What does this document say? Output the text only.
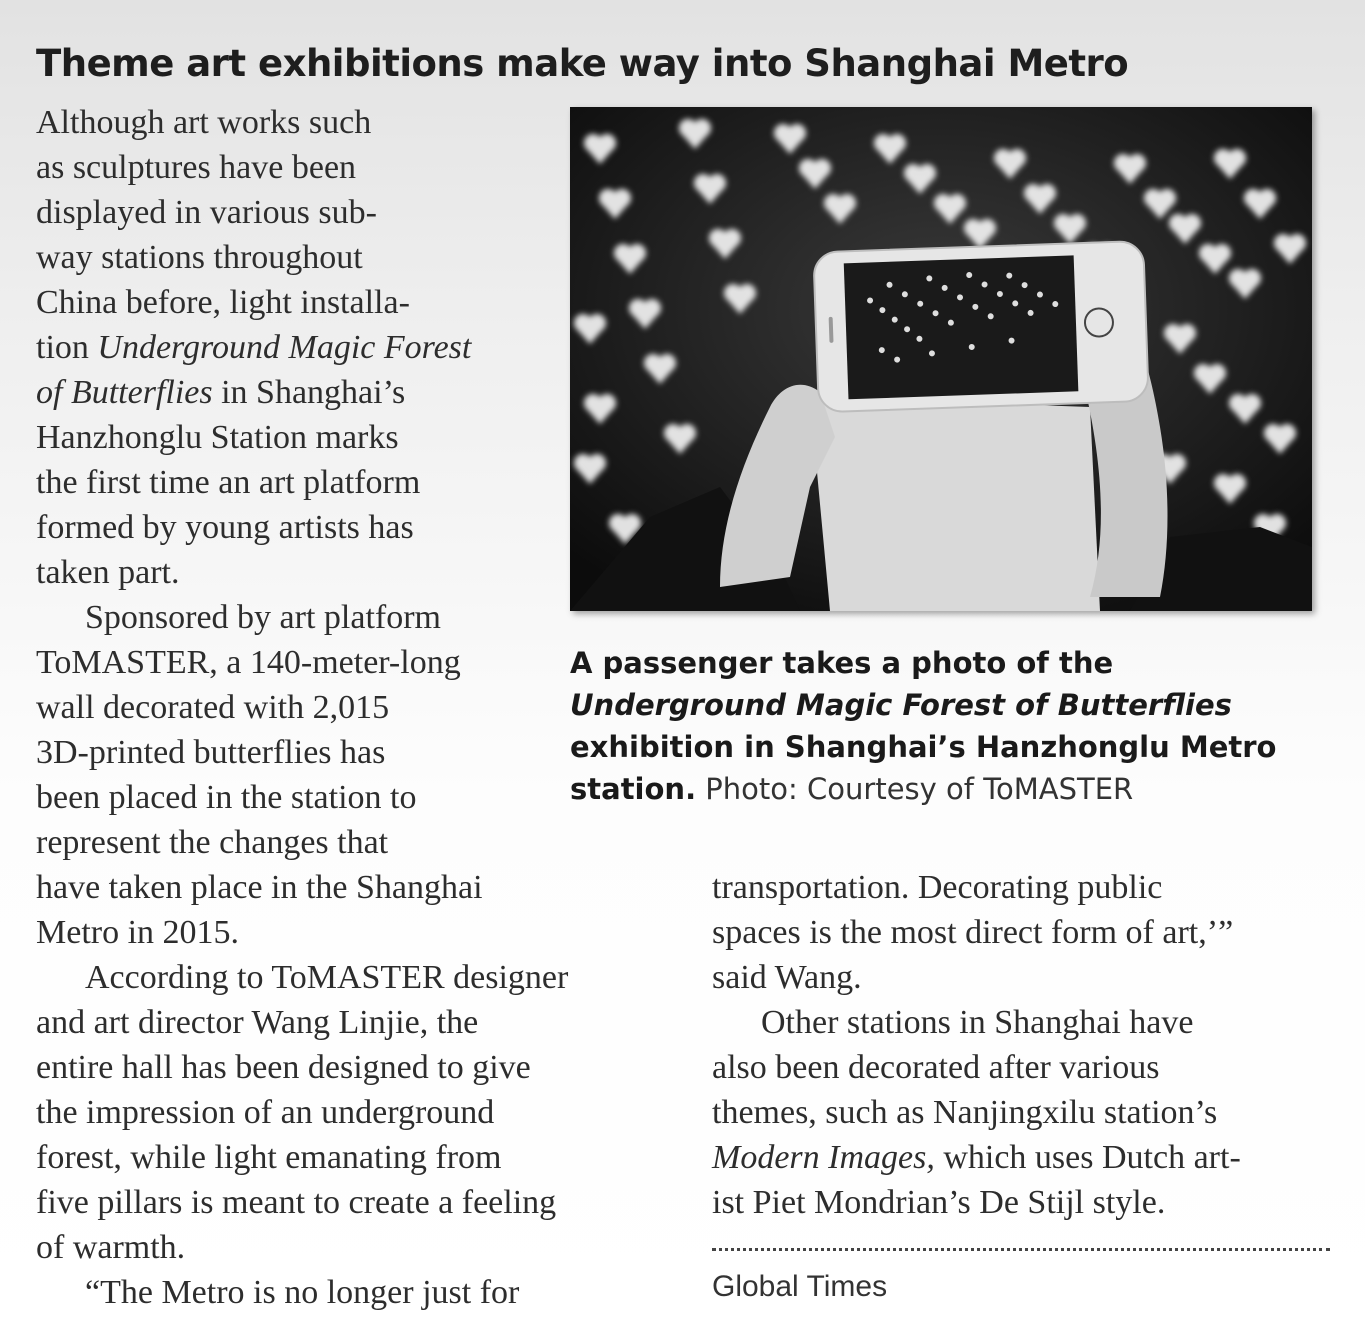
Theme art exhibitions make way into Shanghai Metro
Although art works such
as sculptures have been
displayed in various sub-
way stations throughout
China before, light installa-
tion Underground Magic Forest
of Butterflies in Shanghai’s
Hanzhonglu Station marks
the first time an art platform
formed by young artists has
taken part.
Sponsored by art platform
ToMASTER, a 140-meter-long
wall decorated with 2,015
3D-printed butterflies has
been placed in the station to
represent the changes that
have taken place in the Shanghai
Metro in 2015.
According to ToMASTER designer
and art director Wang Linjie, the
entire hall has been designed to give
the impression of an underground
forest, while light emanating from
five pillars is meant to create a feeling
of warmth.
“The Metro is no longer just for
A passenger takes a photo of the
Underground Magic Forest of Butterflies
exhibition in Shanghai’s Hanzhonglu Metro
station. Photo: Courtesy of ToMASTER
transportation. Decorating public
spaces is the most direct form of art,’”
said Wang.
Other stations in Shanghai have
also been decorated after various
themes, such as Nanjingxilu station’s
Modern Images, which uses Dutch art-
ist Piet Mondrian’s De Stijl style.
Global Times
